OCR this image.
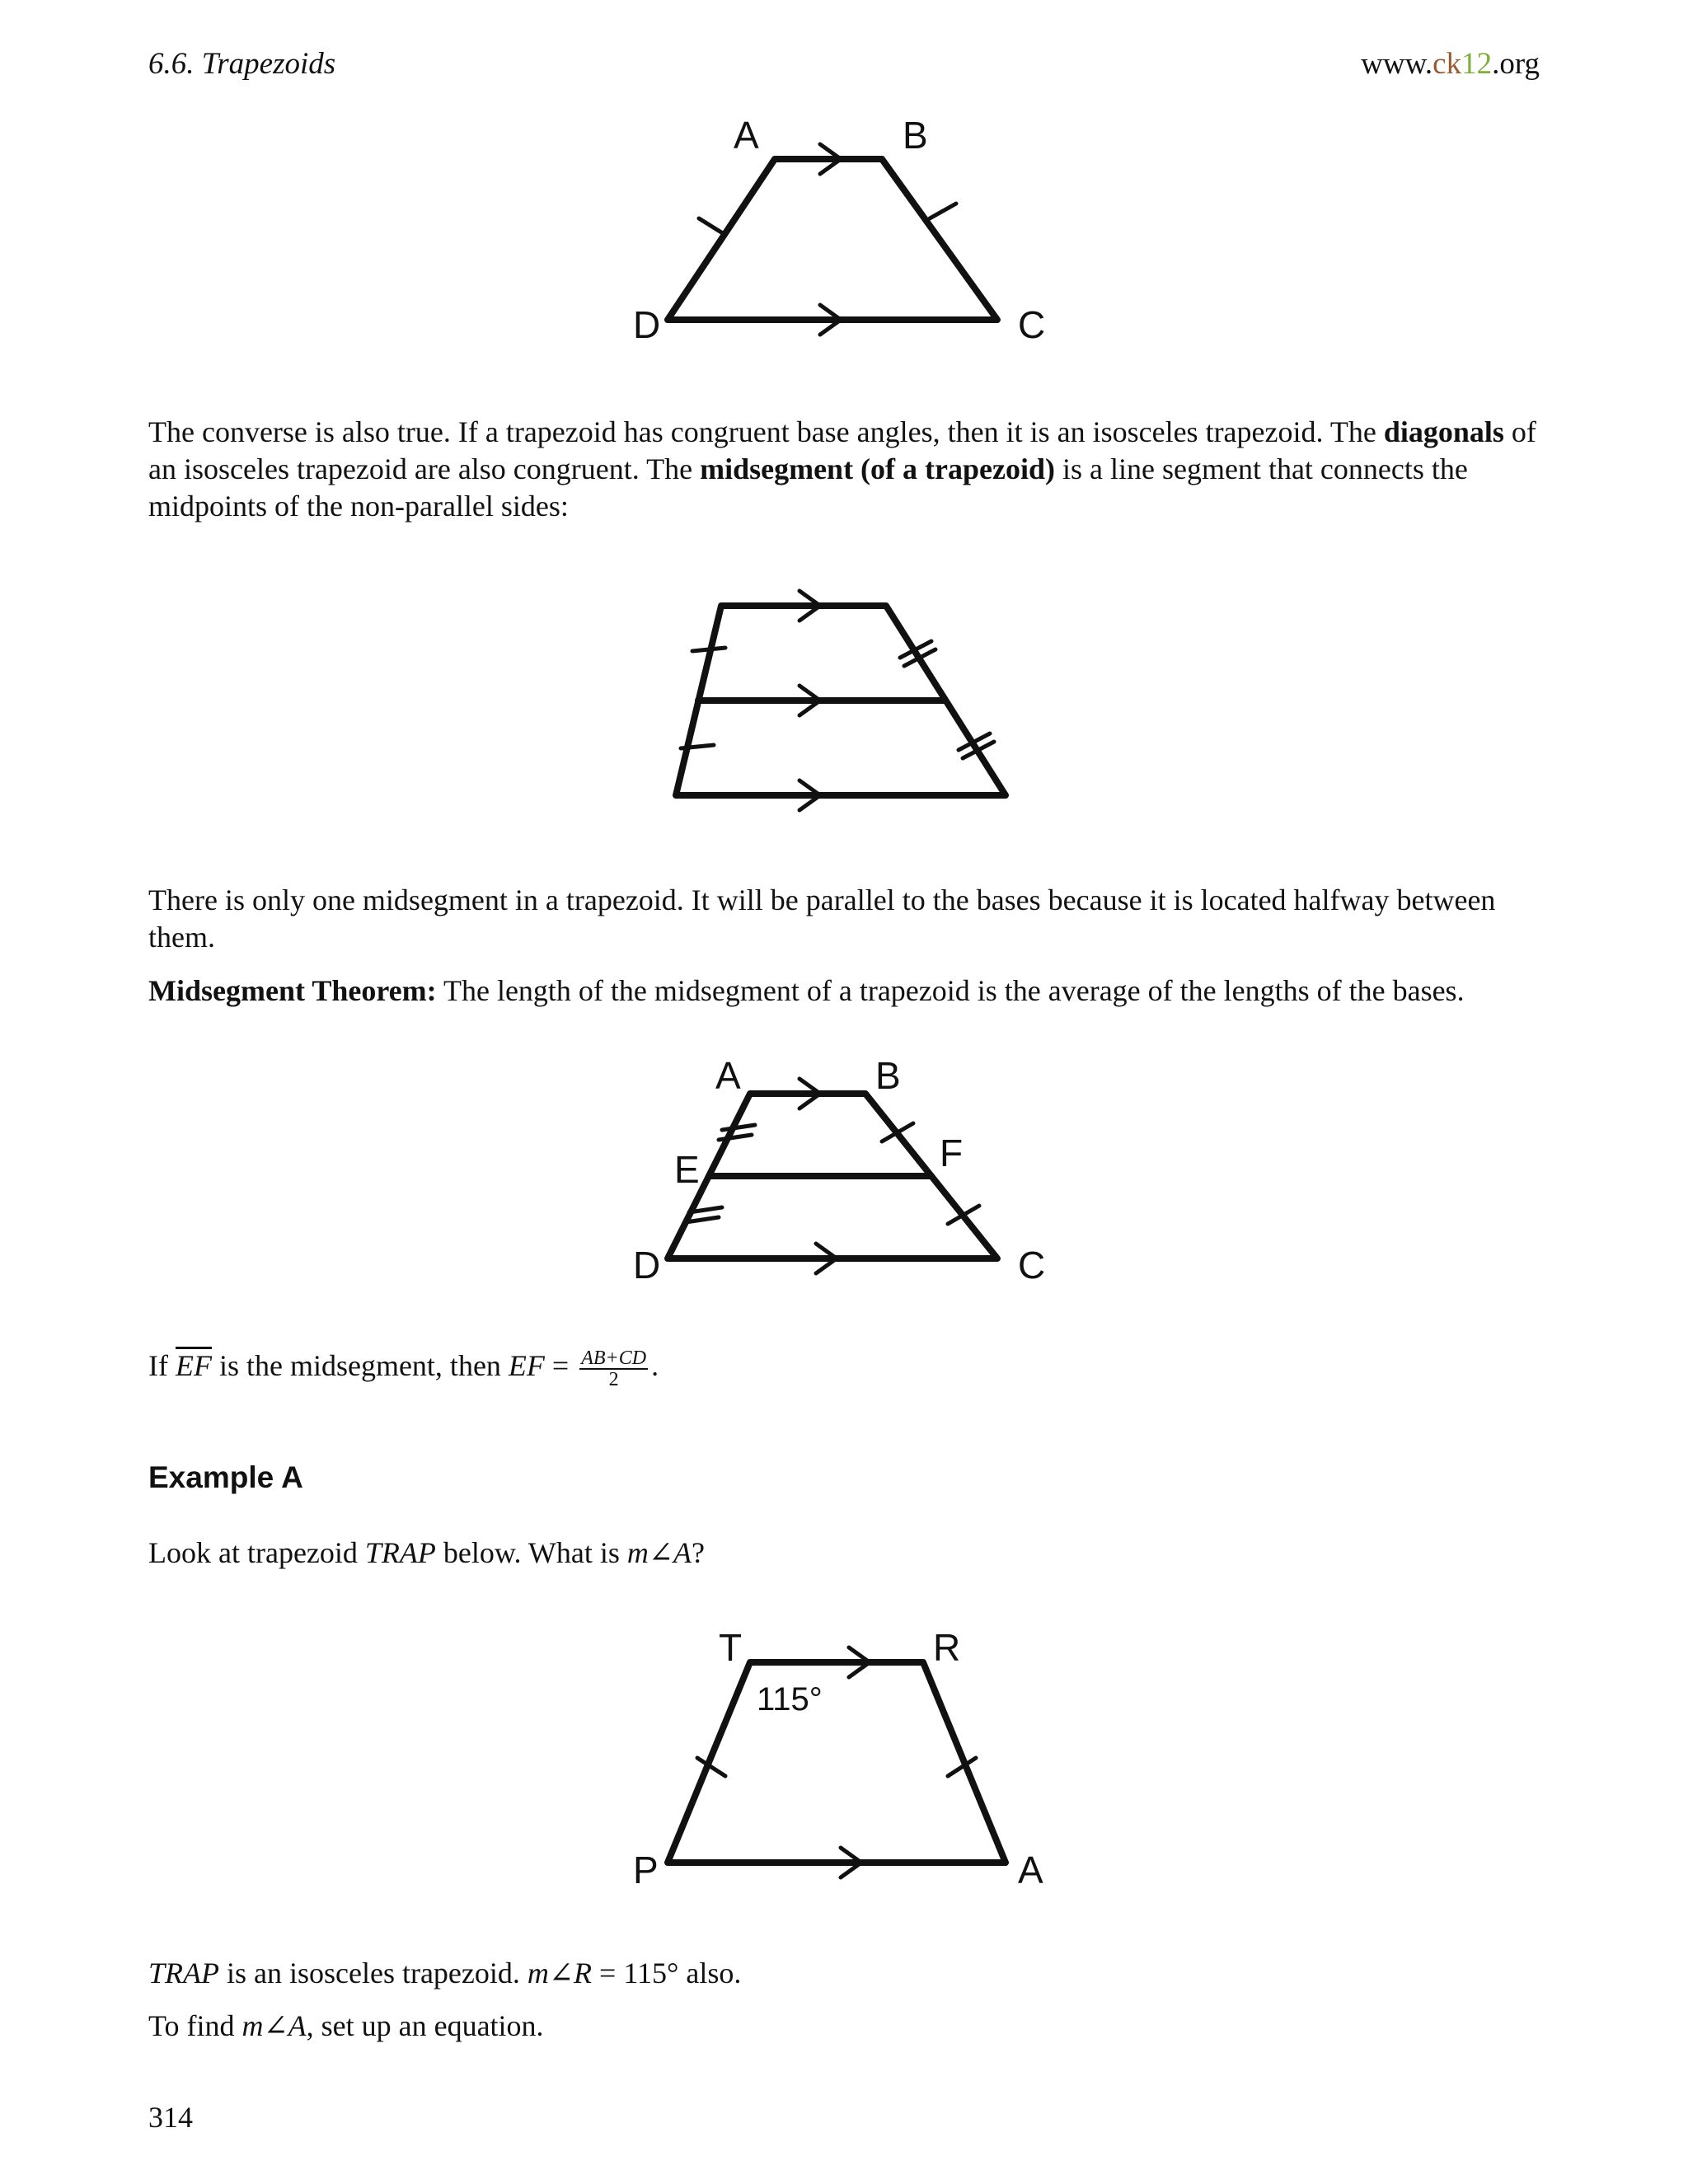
6.6. Trapezoids	www.ck12.org
A	B
C
D

The converse is also true. If a trapezoid has congruent base angles, then it is an isosceles trapezoid. The diagonals of an isosceles trapezoid are also congruent. The midsegment (of a trapezoid) is a line segment that connects the midpoints of the non-parallel sides:

There is only one midsegment in a trapezoid. It will be parallel to the bases because it is located halfway between them.

Midsegment Theorem: The length of the midsegment of a trapezoid is the average of the lengths of the bases.

A	B
C
D
E	F

If $\overline{EF}$ is the midsegment, then EF = $\frac{AB+CD}{2}$ .

Example A

Look at trapezoid TRAP below. What is m∠A?

T	R
P	A
115°

TRAP is an isosceles trapezoid. m∠R = 115° also.

To find m∠A, set up an equation.

314
